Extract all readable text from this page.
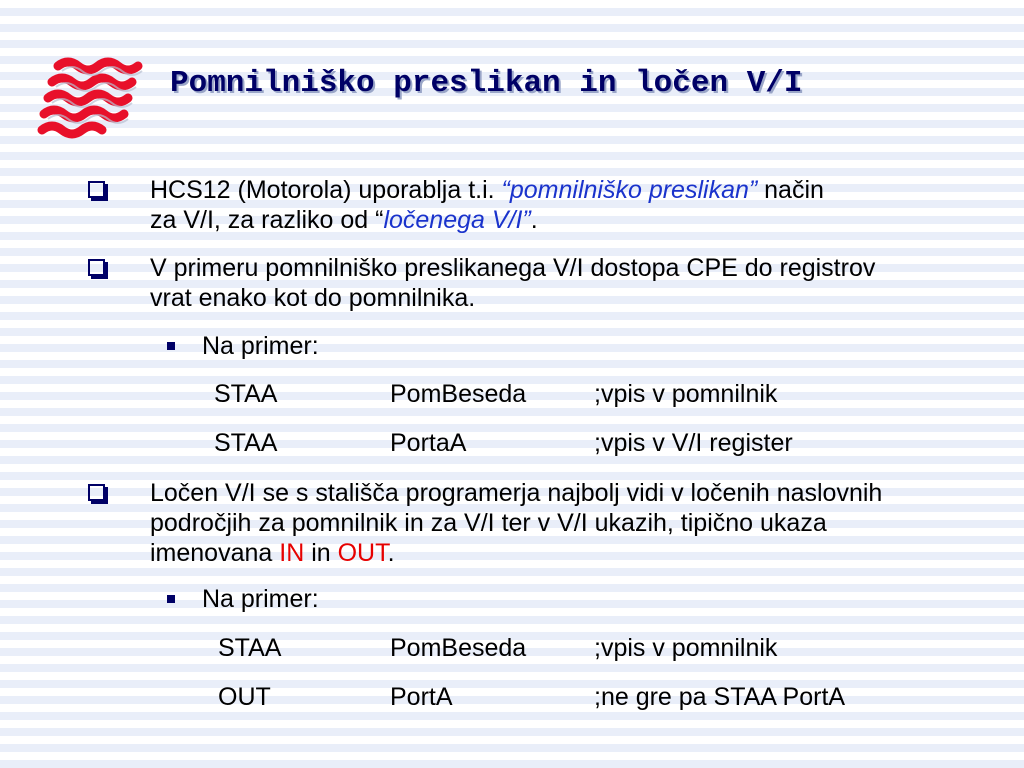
Pomnilniško preslikan in ločen V/I
HCS12 (Motorola) uporablja t.i. “pomnilniško preslikan” način za V/I, za razliko od “ločenega V/I”.
V primeru pomnilniško preslikanega V/I dostopa CPE do registrov vrat enako kot do pomnilnika.
Na primer:
STAA	PomBeseda	;vpis v pomnilnik
STAA	PortaA	;vpis v V/I register
Ločen V/I se s stališča programerja najbolj vidi v ločenih naslovnih področjih za pomnilnik in za V/I ter v V/I ukazih, tipično ukaza imenovana IN in OUT.
Na primer:
STAA	PomBeseda	;vpis v pomnilnik
OUT	PortA	;ne gre pa STAA PortA
